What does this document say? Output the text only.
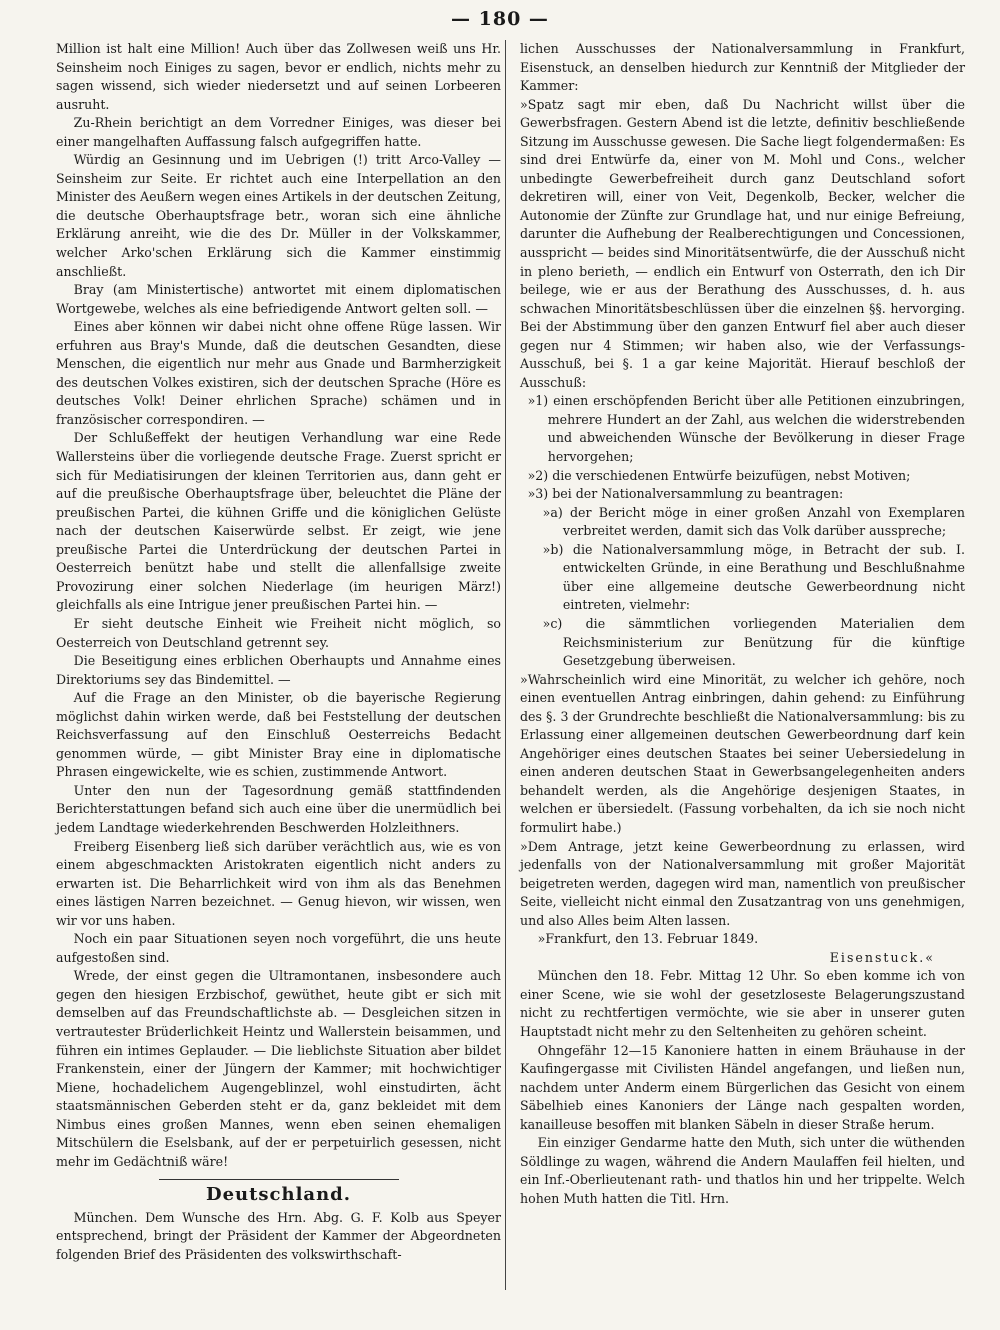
— 180 —

Million ist halt eine Million! Auch über das Zollwesen weiß uns Hr. Seinsheim noch Einiges zu sagen, bevor er endlich, nichts mehr zu sagen wissend, sich wieder niedersetzt und auf seinen Lorbeeren ausruht.

Zu-Rhein berichtigt an dem Vorredner Einiges, was dieser bei einer mangelhaften Auffassung falsch aufgegriffen hatte.

Würdig an Gesinnung und im Uebrigen (!) tritt Arco-Valley — Seinsheim zur Seite. Er richtet auch eine Interpellation an den Minister des Aeußern wegen eines Artikels in der deutschen Zeitung, die deutsche Oberhauptsfrage betr., woran sich eine ähnliche Erklärung anreiht, wie die des Dr. Müller in der Volkskammer, welcher Arko'schen Erklärung sich die Kammer einstimmig anschließt.

Bray (am Ministertische) antwortet mit einem diplomatischen Wortgewebe, welches als eine befriedigende Antwort gelten soll. —

Eines aber können wir dabei nicht ohne offene Rüge lassen. Wir erfuhren aus Bray's Munde, daß die deutschen Gesandten, diese Menschen, die eigentlich nur mehr aus Gnade und Barmherzigkeit des deutschen Volkes existiren, sich der deutschen Sprache (Höre es deutsches Volk! Deiner ehrlichen Sprache) schämen und in französischer correspondiren. —

Der Schlußeffekt der heutigen Verhandlung war eine Rede Wallersteins über die vorliegende deutsche Frage. Zuerst spricht er sich für Mediatisirungen der kleinen Territorien aus, dann geht er auf die preußische Oberhauptsfrage über, beleuchtet die Pläne der preußischen Partei, die kühnen Griffe und die königlichen Gelüste nach der deutschen Kaiserwürde selbst. Er zeigt, wie jene preußische Partei die Unterdrückung der deutschen Partei in Oesterreich benützt habe und stellt die allenfallsige zweite Provozirung einer solchen Niederlage (im heurigen März!) gleichfalls als eine Intrigue jener preußischen Partei hin. —

Er sieht deutsche Einheit wie Freiheit nicht möglich, so Oesterreich von Deutschland getrennt sey.

Die Beseitigung eines erblichen Oberhaupts und Annahme eines Direktoriums sey das Bindemittel. —

Auf die Frage an den Minister, ob die bayerische Regierung möglichst dahin wirken werde, daß bei Feststellung der deutschen Reichsverfassung auf den Einschluß Oesterreichs Bedacht genommen würde, — gibt Minister Bray eine in diplomatische Phrasen eingewickelte, wie es schien, zustimmende Antwort.

Unter den nun der Tagesordnung gemäß stattfindenden Berichterstattungen befand sich auch eine über die unermüdlich bei jedem Landtage wiederkehrenden Beschwerden Holzleithners.

Freiberg Eisenberg ließ sich darüber verächtlich aus, wie es von einem abgeschmackten Aristokraten eigentlich nicht anders zu erwarten ist. Die Beharrlichkeit wird von ihm als das Benehmen eines lästigen Narren bezeichnet. — Genug hievon, wir wissen, wen wir vor uns haben.

Noch ein paar Situationen seyen noch vorgeführt, die uns heute aufgestoßen sind.

Wrede, der einst gegen die Ultramontanen, insbesondere auch gegen den hiesigen Erzbischof, gewüthet, heute gibt er sich mit demselben auf das Freundschaftlichste ab. — Desgleichen sitzen in vertrautester Brüderlichkeit Heintz und Wallerstein beisammen, und führen ein intimes Geplauder. — Die lieblichste Situation aber bildet Frankenstein, einer der Jüngern der Kammer; mit hochwichtiger Miene, hochadelichem Augengeblinzel, wohl einstudirten, ächt staatsmännischen Geberden steht er da, ganz bekleidet mit dem Nimbus eines großen Mannes, wenn eben seinen ehemaligen Mitschülern die Eselsbank, auf der er perpetuirlich gesessen, nicht mehr im Gedächtniß wäre!

Deutschland.

München. Dem Wunsche des Hrn. Abg. G. F. Kolb aus Speyer entsprechend, bringt der Präsident der Kammer der Abgeordneten folgenden Brief des Präsidenten des volkswirthschaft-

lichen Ausschusses der Nationalversammlung in Frankfurt, Eisenstuck, an denselben hiedurch zur Kenntniß der Mitglieder der Kammer:

»Spatz sagt mir eben, daß Du Nachricht willst über die Gewerbsfragen. Gestern Abend ist die letzte, definitiv beschließende Sitzung im Ausschusse gewesen. Die Sache liegt folgendermaßen: Es sind drei Entwürfe da, einer von M. Mohl und Cons., welcher unbedingte Gewerbefreiheit durch ganz Deutschland sofort dekretiren will, einer von Veit, Degenkolb, Becker, welcher die Autonomie der Zünfte zur Grundlage hat, und nur einige Befreiung, darunter die Aufhebung der Realberechtigungen und Concessionen, ausspricht — beides sind Minoritätsentwürfe, die der Ausschuß nicht in pleno berieth, — endlich ein Entwurf von Osterrath, den ich Dir beilege, wie er aus der Berathung des Ausschusses, d. h. aus schwachen Minoritätsbeschlüssen über die einzelnen §§. hervorging. Bei der Abstimmung über den ganzen Entwurf fiel aber auch dieser gegen nur 4 Stimmen; wir haben also, wie der Verfassungs-Ausschuß, bei §. 1 a gar keine Majorität. Hierauf beschloß der Ausschuß:

»1) einen erschöpfenden Bericht über alle Petitionen einzubringen, mehrere Hundert an der Zahl, aus welchen die widerstrebenden und abweichenden Wünsche der Bevölkerung in dieser Frage hervorgehen;

»2) die verschiedenen Entwürfe beizufügen, nebst Motiven;

»3) bei der Nationalversammlung zu beantragen:

»a) der Bericht möge in einer großen Anzahl von Exemplaren verbreitet werden, damit sich das Volk darüber ausspreche;

»b) die Nationalversammlung möge, in Betracht der sub. I. entwickelten Gründe, in eine Berathung und Beschlußnahme über eine allgemeine deutsche Gewerbeordnung nicht eintreten, vielmehr:

»c) die sämmtlichen vorliegenden Materialien dem Reichsministerium zur Benützung für die künftige Gesetzgebung überweisen.

»Wahrscheinlich wird eine Minorität, zu welcher ich gehöre, noch einen eventuellen Antrag einbringen, dahin gehend: zu Einführung des §. 3 der Grundrechte beschließt die Nationalversammlung: bis zu Erlassung einer allgemeinen deutschen Gewerbeordnung darf kein Angehöriger eines deutschen Staates bei seiner Uebersiedelung in einen anderen deutschen Staat in Gewerbsangelegenheiten anders behandelt werden, als die Angehörige desjenigen Staates, in welchen er übersiedelt. (Fassung vorbehalten, da ich sie noch nicht formulirt habe.)

»Dem Antrage, jetzt keine Gewerbeordnung zu erlassen, wird jedenfalls von der Nationalversammlung mit großer Majorität beigetreten werden, dagegen wird man, namentlich von preußischer Seite, vielleicht nicht einmal den Zusatzantrag von uns genehmigen, und also Alles beim Alten lassen.

»Frankfurt, den 13. Februar 1849.

Eisenstuck.«

München den 18. Febr. Mittag 12 Uhr. So eben komme ich von einer Scene, wie sie wohl der gesetzloseste Belagerungszustand nicht zu rechtfertigen vermöchte, wie sie aber in unserer guten Hauptstadt nicht mehr zu den Seltenheiten zu gehören scheint.

Ohngefähr 12—15 Kanoniere hatten in einem Bräuhause in der Kaufingergasse mit Civilisten Händel angefangen, und ließen nun, nachdem unter Anderm einem Bürgerlichen das Gesicht von einem Säbelhieb eines Kanoniers der Länge nach gespalten worden, kanailleuse besoffen mit blanken Säbeln in dieser Straße herum.

Ein einziger Gendarme hatte den Muth, sich unter die wüthenden Söldlinge zu wagen, während die Andern Maulaffen feil hielten, und ein Inf.-Oberlieutenant rath- und thatlos hin und her trippelte. Welch hohen Muth hatten die Titl. Hrn.
